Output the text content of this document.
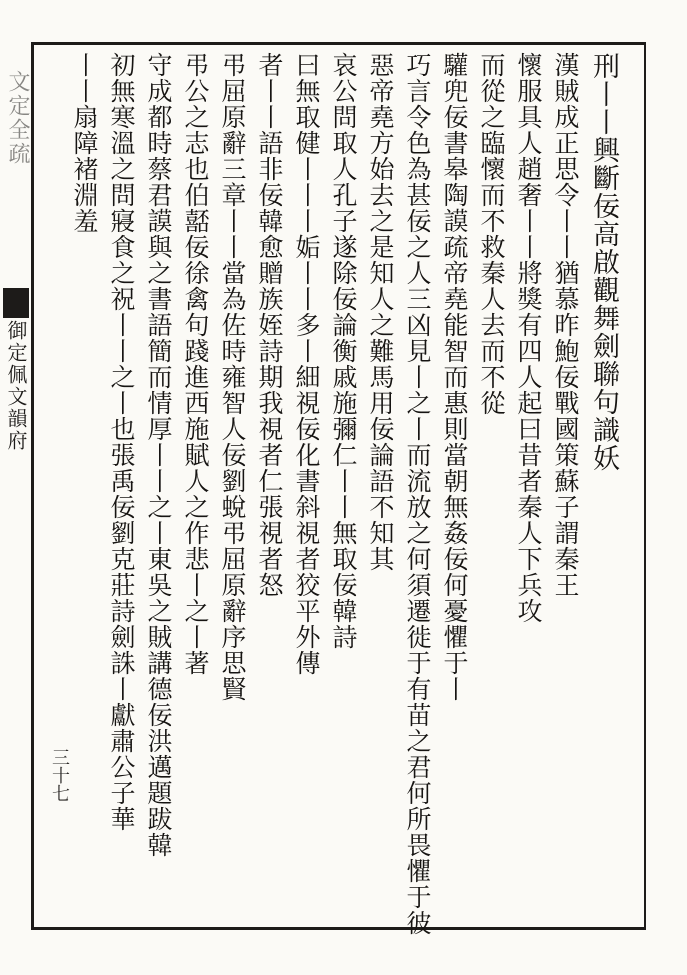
文定全疏
御定佩文韻府
三十七
刑丨丨興斷佞高啟觀舞劍聯句識妖
漢賊成正思令丨丨猶慕昨鮑佞戰國策蘇子謂秦王
懷服具人趙奢丨丨將獎有四人起曰昔者秦人下兵攻
而從之臨懷而不救秦人去而不從
驩兜佞書皋陶謨疏帝堯能智而惠則當朝無姦佞何憂懼于丨
巧言令色為甚佞之人三凶見丨之丨而流放之何須遷徙于有苗之君何所畏懼于彼
惡帝堯方始去之是知人之難馬用佞論語不知其
哀公問取人孔子遂除佞論衡戚施彌仁丨丨無取佞韓詩
曰無取健丨丨丨姤丨丨多丨細視佞化書斜視者狡平外傳
者丨丨語非佞韓愈贈族姪詩期我視者仁張視者怒
弔屈原辭三章丨丨當為佐時雍智人佞劉蛻弔屈原辭序思賢
弔公之志也伯嚭佞徐禽句踐進西施賦人之作悲丨之丨著
守成都時蔡君謨與之書語簡而情厚丨丨之丨東吳之賊講德佞洪邁題跋韓
初無寒溫之問寢食之祝丨丨之丨也張禹佞劉克莊詩劍誅丨獻肅公子華
丨丨扇障褚淵羞
